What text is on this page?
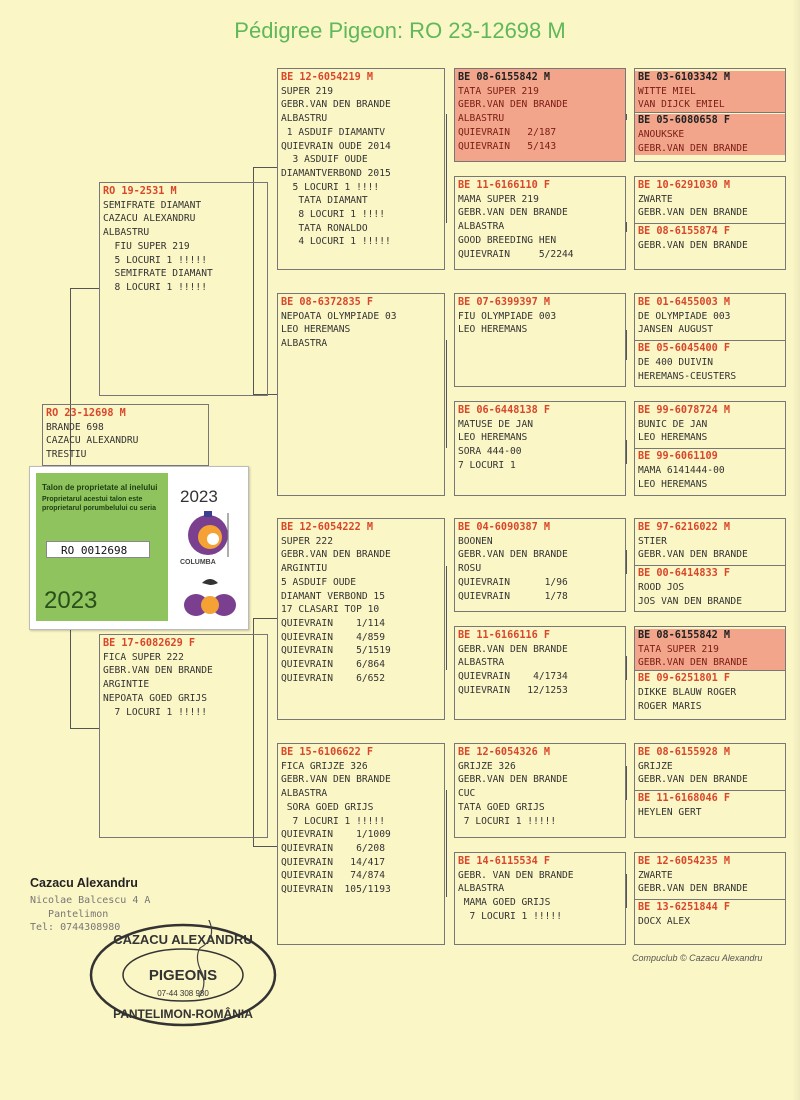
Pédigree Pigeon: RO 23-12698 M
RO 23-12698 M
BRANDE 698
CAZACU ALEXANDRU
TRESTIU
RO 19-2531 M
SEMIFRATE DIAMANT
CAZACU ALEXANDRU
ALBASTRU
FIU SUPER 219
5 LOCURI 1 !!!!!
SEMIFRATE DIAMANT
8 LOCURI 1 !!!!!
BE 17-6082629 F
FICA SUPER 222
GEBR.VAN DEN BRANDE
ARGINTIE
NEPOATA GOED GRIJS
7 LOCURI 1 !!!!!
BE 12-6054219 M
SUPER 219
GEBR.VAN DEN BRANDE
ALBASTRU
1 ASDUIF DIAMANTV
QUIEVRAIN OUDE 2014
3 ASDUIF OUDE
DIAMANTVERBOND 2015
5 LOCURI 1 !!!!
TATA DIAMANT
8 LOCURI 1 !!!!
TATA RONALDO
4 LOCURI 1 !!!!!
BE 08-6372835 F
NEPOATA OLYMPIADE 03
LEO HEREMANS
ALBASTRA
BE 12-6054222 M
SUPER 222
GEBR.VAN DEN BRANDE
ARGINTIU
5 ASDUIF OUDE
DIAMANT VERBOND 15
17 CLASARI TOP 10
QUIEVRAIN    1/114
QUIEVRAIN    4/859
QUIEVRAIN    5/1519
QUIEVRAIN    6/864
QUIEVRAIN    6/652
BE 15-6106622 F
FICA GRIJZE 326
GEBR.VAN DEN BRANDE
ALBASTRA
SORA GOED GRIJS
7 LOCURI 1 !!!!!
QUIEVRAIN    1/1009
QUIEVRAIN    6/208
QUIEVRAIN   14/417
QUIEVRAIN   74/874
QUIEVRAIN  105/1193
BE 08-6155842 M
TATA SUPER 219
GEBR.VAN DEN BRANDE
ALBASTRU
QUIEVRAIN   2/187
QUIEVRAIN   5/143
BE 11-6166110 F
MAMA SUPER 219
GEBR.VAN DEN BRANDE
ALBASTRA
GOOD BREEDING HEN
QUIEVRAIN     5/2244
BE 07-6399397 M
FIU OLYMPIADE 003
LEO HEREMANS
BE 06-6448138 F
MATUSE DE JAN
LEO HEREMANS
SORA 444-00
7 LOCURI 1
BE 04-6090387 M
BOONEN
GEBR.VAN DEN BRANDE
ROSU
QUIEVRAIN      1/96
QUIEVRAIN      1/78
BE 11-6166116 F
GEBR.VAN DEN BRANDE
ALBASTRA
QUIEVRAIN    4/1734
QUIEVRAIN   12/1253
BE 12-6054326 M
GRIJZE 326
GEBR.VAN DEN BRANDE
CUC
TATA GOED GRIJS
7 LOCURI 1 !!!!!
BE 14-6115534 F
GEBR. VAN DEN BRANDE
ALBASTRA
MAMA GOED GRIJS
7 LOCURI 1 !!!!!
BE 03-6103342 M
WITTE MIEL
VAN DIJCK EMIEL
BE 05-6080658 F
ANOUKSKE
GEBR.VAN DEN BRANDE
BE 10-6291030 M
ZWARTE
GEBR.VAN DEN BRANDE
BE 08-6155874 F
GEBR.VAN DEN BRANDE
BE 01-6455003 M
DE OLYMPIADE 003
JANSEN AUGUST
BE 05-6045400 F
DE 400 DUIVIN
HEREMANS-CEUSTERS
BE 99-6078724 M
BUNIC DE JAN
LEO HEREMANS
BE 99-6061109
MAMA 6141444-00
LEO HEREMANS
BE 97-6216022 M
STIER
GEBR.VAN DEN BRANDE
BE 00-6414833 F
ROOD JOS
JOS VAN DEN BRANDE
BE 08-6155842 M
TATA SUPER 219
GEBR.VAN DEN BRANDE
BE 09-6251801 F
DIKKE BLAUW ROGER
ROGER MARIS
BE 08-6155928 M
GRIJZE
GEBR.VAN DEN BRANDE
BE 11-6168046 F
HEYLEN GERT
BE 12-6054235 M
ZWARTE
GEBR.VAN DEN BRANDE
BE 13-6251844 F
DOCX ALEX
Talon de proprietate al inelului
Proprietarul acestui talon este proprietarul porumbelului cu seria
RO 0012698
2023
2023
COLUMBA
Cazacu Alexandru
Nicolae Balcescu 4 A
Pantelimon
Tel: 0744308980
Compuclub © Cazacu Alexandru
CAZACU ALEXANDRU
PIGEONS
07-44 308 980
PANTELIMON-ROMÂNIA
